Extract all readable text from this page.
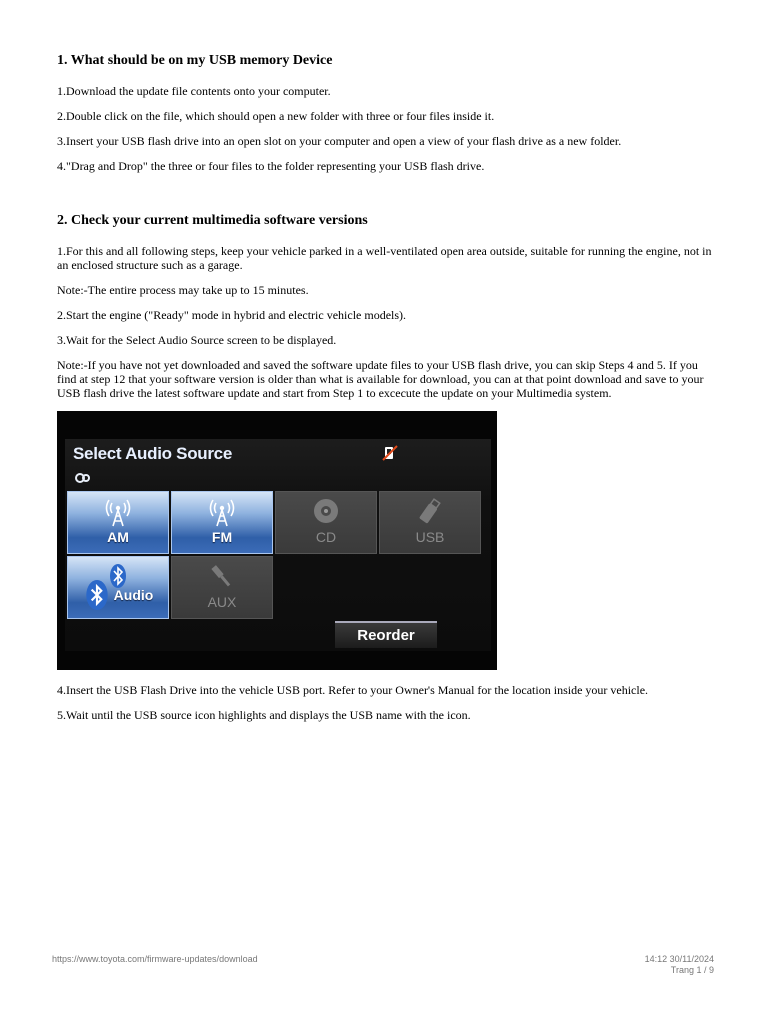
1. What should be on my USB memory Device

1.Download the update file contents onto your computer.

2.Double click on the file, which should open a new folder with three or four files inside it.

3.Insert your USB flash drive into an open slot on your computer and open a view of your flash drive as a new folder.

4."Drag and Drop" the three or four files to the folder representing your USB flash drive.

2. Check your current multimedia software versions

1.For this and all following steps, keep your vehicle parked in a well-ventilated open area outside, suitable for running the engine, not in an enclosed structure such as a garage.

Note:-The entire process may take up to 15 minutes.

2.Start the engine ("Ready" mode in hybrid and electric vehicle models).

3.Wait for the Select Audio Source screen to be displayed.

Note:-If you have not yet downloaded and saved the software update files to your USB flash drive, you can skip Steps 4 and 5. If you find at step 12 that your software version is older than what is available for download, you can at that point download and save to your USB flash drive the latest software update and start from Step 1 to excecute the update on your Multimedia system.

Select Audio Source
AM	FM	CD	USB
Audio	AUX
Reorder

4.Insert the USB Flash Drive into the vehicle USB port. Refer to your Owner's Manual for the location inside your vehicle.

5.Wait until the USB source icon highlights and displays the USB name with the icon.

https://www.toyota.com/firmware-updates/download	14:12 30/11/2024
Trang 1 / 9
